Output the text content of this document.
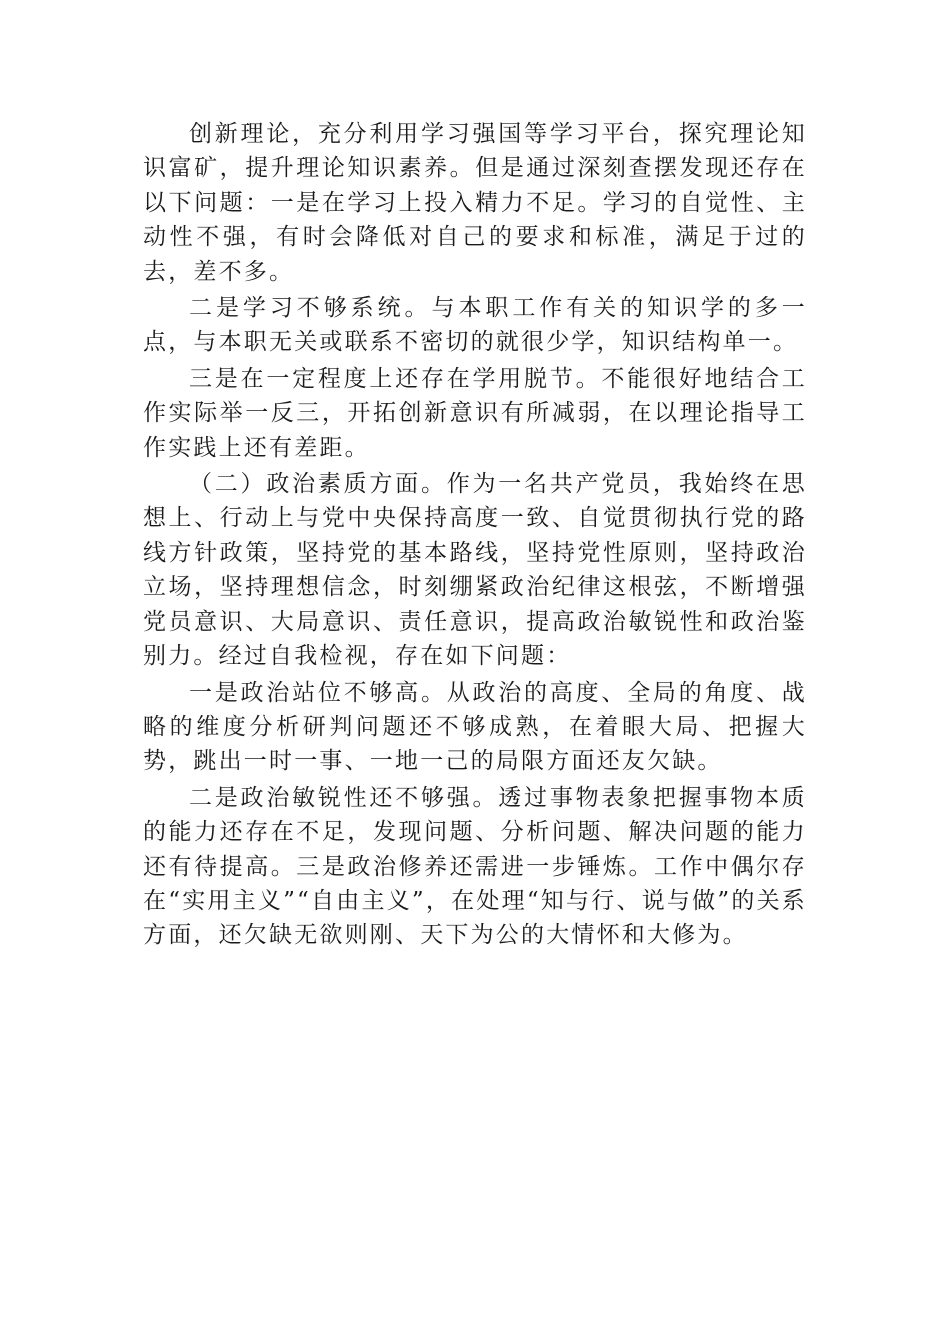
创新理论，充分利用学习强国等学习平台，探究理论知识富矿，提升理论知识素养。但是通过深刻查摆发现还存在以下问题：一是在学习上投入精力不足。学习的自觉性、主动性不强，有时会降低对自己的要求和标准，满足于过的去，差不多。

二是学习不够系统。与本职工作有关的知识学的多一点，与本职无关或联系不密切的就很少学，知识结构单一。

三是在一定程度上还存在学用脱节。不能很好地结合工作实际举一反三，开拓创新意识有所减弱，在以理论指导工作实践上还有差距。

（二）政治素质方面。作为一名共产党员，我始终在思想上、行动上与党中央保持高度一致、自觉贯彻执行党的路线方针政策，坚持党的基本路线，坚持党性原则，坚持政治立场，坚持理想信念，时刻绷紧政治纪律这根弦，不断增强党员意识、大局意识、责任意识，提高政治敏锐性和政治鉴别力。经过自我检视，存在如下问题：

一是政治站位不够高。从政治的高度、全局的角度、战略的维度分析研判问题还不够成熟，在着眼大局、把握大势，跳出一时一事、一地一己的局限方面还友欠缺。

二是政治敏锐性还不够强。透过事物表象把握事物本质的能力还存在不足，发现问题、分析问题、解决问题的能力还有待提高。三是政治修养还需进一步锤炼。工作中偶尔存在“实用主义”“自由主义”，在处理“知与行、说与做”的关系方面，还欠缺无欲则刚、天下为公的大情怀和大修为。
